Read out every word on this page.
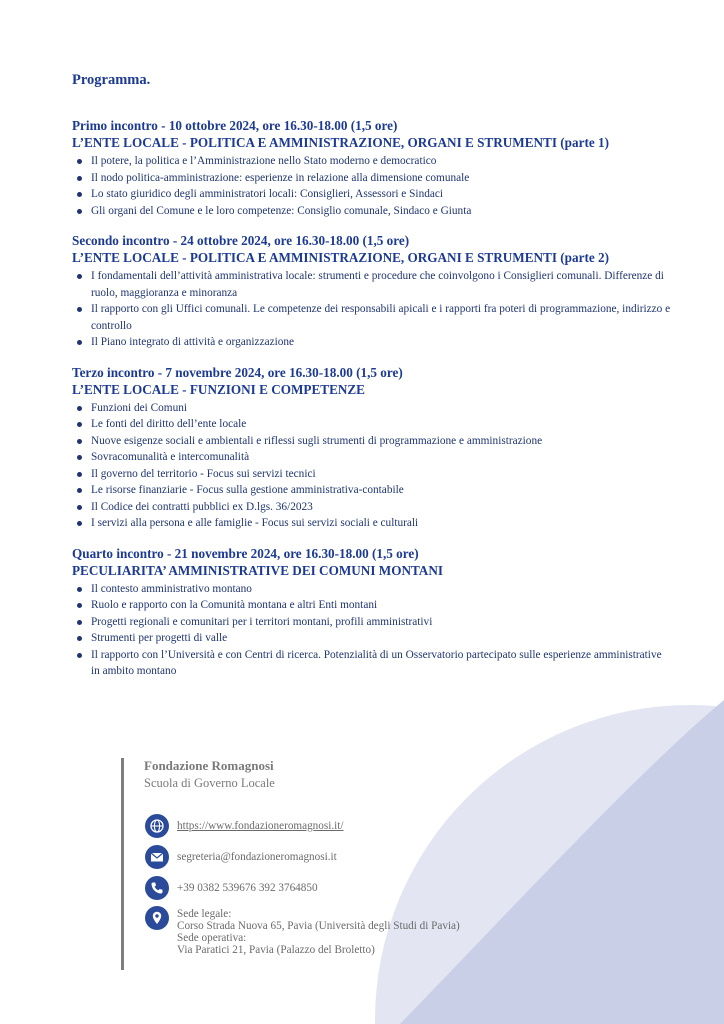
Programma.
Primo incontro - 10 ottobre 2024, ore 16.30-18.00 (1,5 ore)
L’ENTE LOCALE - POLITICA E AMMINISTRAZIONE, ORGANI E STRUMENTI (parte 1)
Il potere, la politica e l’Amministrazione nello Stato moderno e democratico
Il nodo politica-amministrazione: esperienze in relazione alla dimensione comunale
Lo stato giuridico degli amministratori locali: Consiglieri, Assessori e Sindaci
Gli organi del Comune e le loro competenze: Consiglio comunale, Sindaco e Giunta
Secondo incontro - 24 ottobre 2024, ore 16.30-18.00 (1,5 ore)
L’ENTE LOCALE - POLITICA E AMMINISTRAZIONE, ORGANI E STRUMENTI (parte 2)
I fondamentali dell’attività amministrativa locale: strumenti e procedure che coinvolgono i Consiglieri comunali. Differenze di ruolo, maggioranza e minoranza
Il rapporto con gli Uffici comunali. Le competenze dei responsabili apicali e i rapporti fra poteri di programmazione, indirizzo e controllo
Il Piano integrato di attività e organizzazione
Terzo incontro - 7 novembre 2024, ore 16.30-18.00 (1,5 ore)
L’ENTE LOCALE - FUNZIONI E COMPETENZE
Funzioni dei Comuni
Le fonti del diritto dell’ente locale
Nuove esigenze sociali e ambientali e riflessi sugli strumenti di programmazione e amministrazione
Sovracomunalità e intercomunalità
Il governo del territorio - Focus sui servizi tecnici
Le risorse finanziarie - Focus sulla gestione amministrativa-contabile
Il Codice dei contratti pubblici ex D.lgs. 36/2023
I servizi alla persona e alle famiglie - Focus sui servizi sociali e culturali
Quarto incontro - 21 novembre 2024, ore 16.30-18.00 (1,5 ore)
PECULIARITA’ AMMINISTRATIVE DEI COMUNI MONTANI
Il contesto amministrativo montano
Ruolo e rapporto con la Comunità montana e altri Enti montani
Progetti regionali e comunitari per i territori montani, profili amministrativi
Strumenti per progetti di valle
Il rapporto con l’Università e con Centri di ricerca. Potenzialità di un Osservatorio partecipato sulle esperienze amministrative in ambito montano
Fondazione Romagnosi
Scuola di Governo Locale
https://www.fondazioneromagnosi.it/
segreteria@fondazioneromagnosi.it
+39 0382 539676 392 3764850
Sede legale:
Corso Strada Nuova 65, Pavia (Università degli Studi di Pavia)
Sede operativa:
Via Paratici 21, Pavia (Palazzo del Broletto)
